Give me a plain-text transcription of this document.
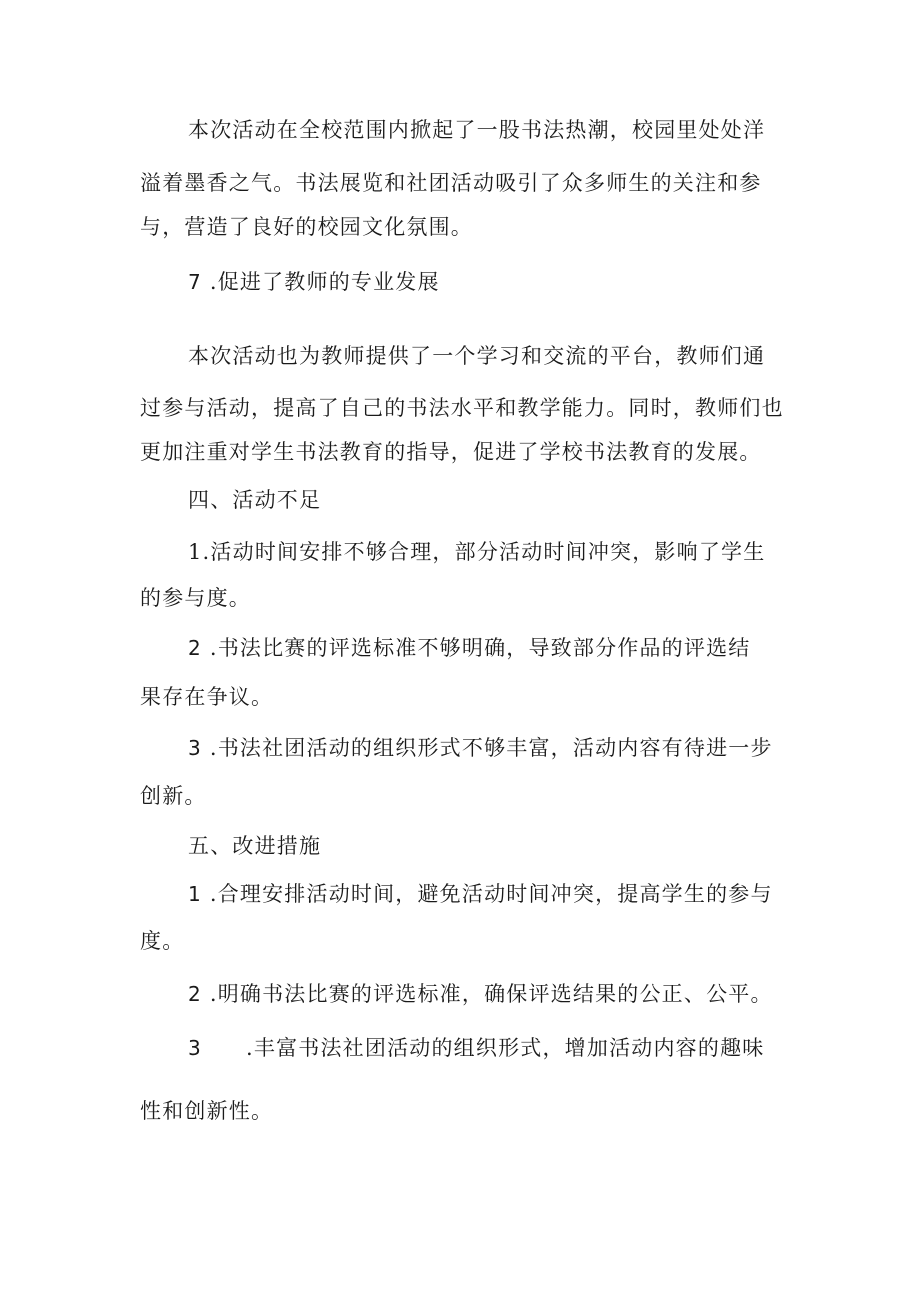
本次活动在全校范围内掀起了一股书法热潮，校园里处处洋
溢着墨香之气。书法展览和社团活动吸引了众多师生的关注和参
与，营造了良好的校园文化氛围。
7 .促进了教师的专业发展
本次活动也为教师提供了一个学习和交流的平台，教师们通
过参与活动，提高了自己的书法水平和教学能力。同时，教师们也
更加注重对学生书法教育的指导，促进了学校书法教育的发展。
四、活动不足
1.活动时间安排不够合理，部分活动时间冲突，影响了学生
的参与度。
2 .书法比赛的评选标准不够明确，导致部分作品的评选结
果存在争议。
3 .书法社团活动的组织形式不够丰富，活动内容有待进一步
创新。
五、改进措施
1 .合理安排活动时间，避免活动时间冲突，提高学生的参与
度。
2 .明确书法比赛的评选标准，确保评选结果的公正、公平。
3 .丰富书法社团活动的组织形式，增加活动内容的趣味
性和创新性。
